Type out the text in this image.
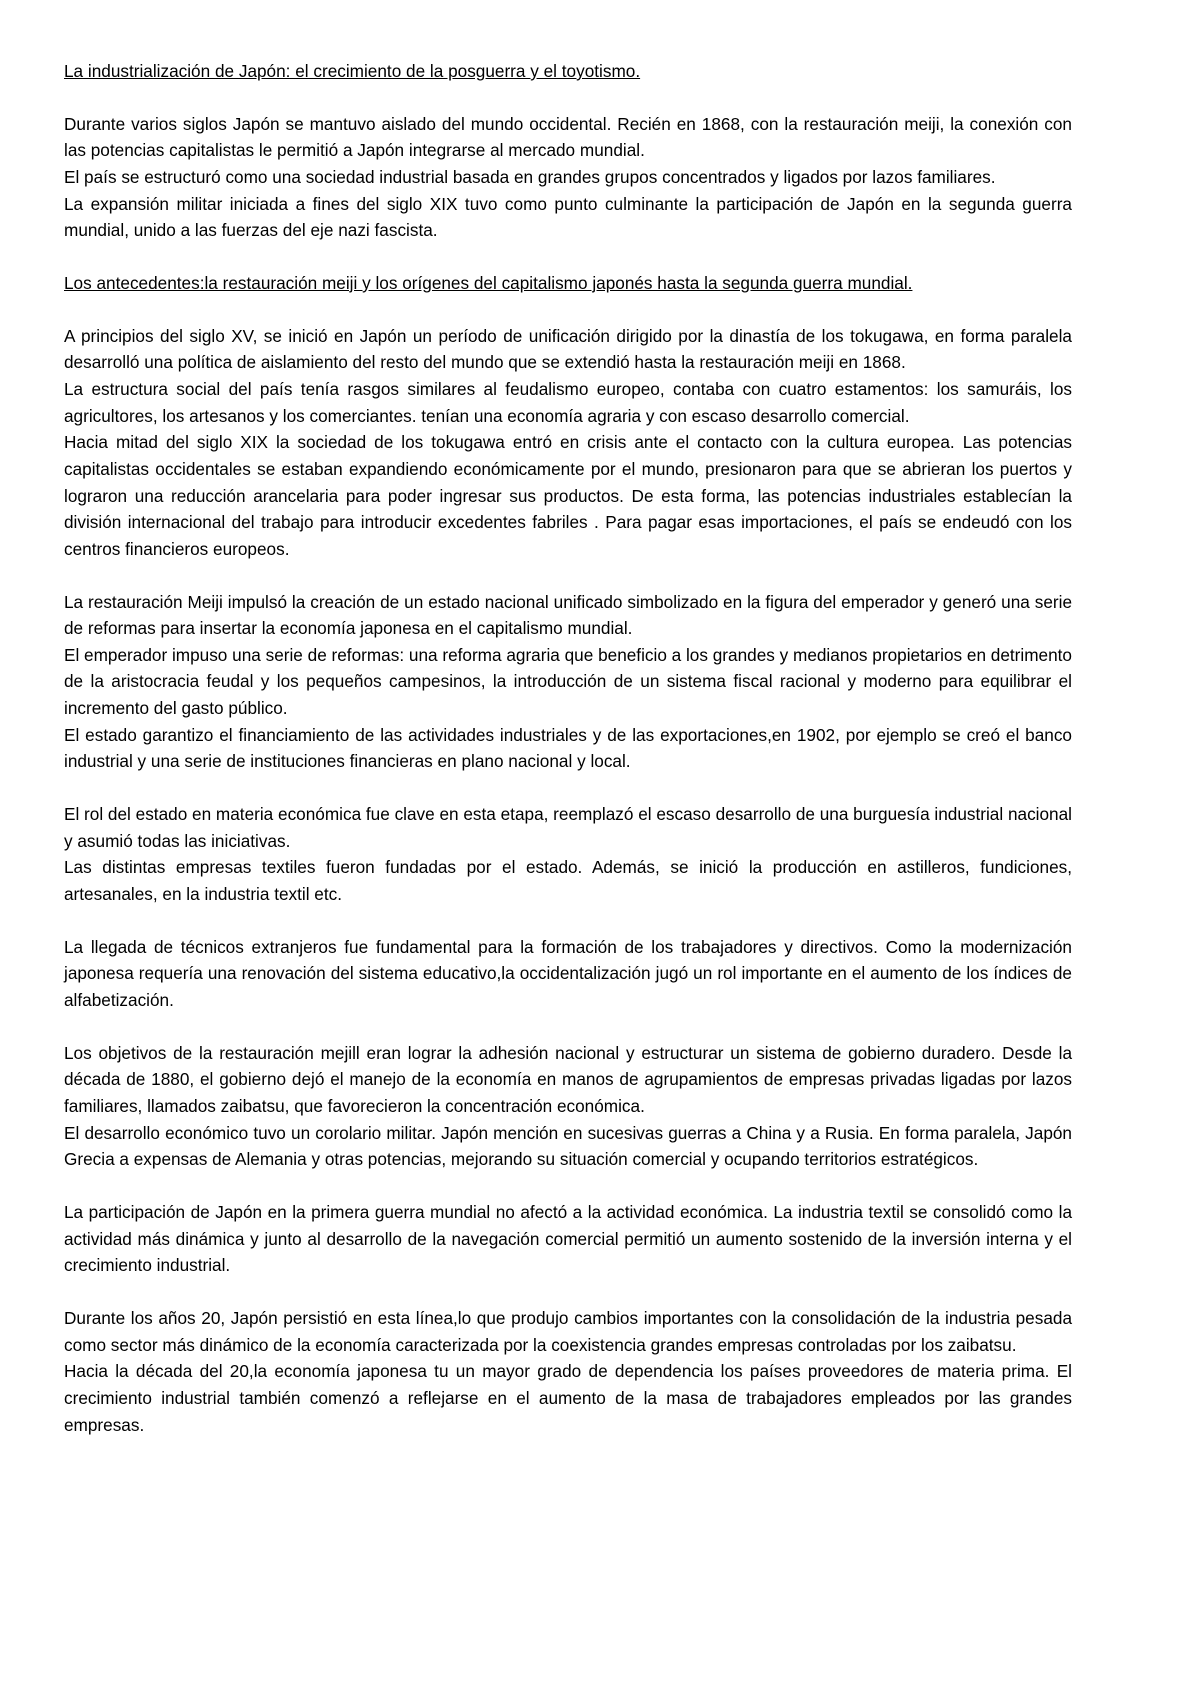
La industrialización de Japón: el crecimiento de la posguerra y el toyotismo.

Durante varios siglos Japón se mantuvo aislado del mundo occidental. Recién en 1868, con la restauración meiji, la conexión con las potencias capitalistas le permitió a Japón integrarse al mercado mundial.

El país se estructuró como una sociedad industrial basada en grandes grupos concentrados y ligados por lazos familiares.

La expansión militar iniciada a fines del siglo XIX tuvo como punto culminante la participación de Japón en la segunda guerra mundial, unido a las fuerzas del eje nazi fascista.

Los antecedentes:la restauración meiji y los orígenes del capitalismo japonés hasta la segunda guerra mundial.

A principios del siglo XV, se inició en Japón un período de unificación dirigido por la dinastía de los tokugawa, en forma paralela desarrolló una política de aislamiento del resto del mundo que se extendió hasta la restauración meiji en 1868.

La estructura social del país tenía rasgos similares al feudalismo europeo, contaba con cuatro estamentos: los samuráis, los agricultores, los artesanos y los comerciantes. tenían una economía agraria y con escaso desarrollo comercial.

Hacia mitad del siglo XIX la sociedad de los tokugawa entró en crisis ante el contacto con la cultura europea. Las potencias capitalistas occidentales se estaban expandiendo económicamente por el mundo, presionaron para que se abrieran los puertos y lograron una reducción arancelaria para poder ingresar sus productos. De esta forma, las potencias industriales establecían la división internacional del trabajo para introducir excedentes fabriles . Para pagar esas importaciones, el país se endeudó con los centros financieros europeos.

La restauración Meiji impulsó la creación de un estado nacional unificado simbolizado en la figura del emperador y generó una serie de reformas para insertar la economía japonesa en el capitalismo mundial.

El emperador impuso una serie de reformas: una reforma agraria que beneficio a los grandes y medianos propietarios en detrimento de la aristocracia feudal y los pequeños campesinos, la introducción de un sistema fiscal racional y moderno para equilibrar el incremento del gasto público.

El estado garantizo el financiamiento de las actividades industriales y de las exportaciones,en 1902, por ejemplo se creó el banco industrial y una serie de instituciones financieras en plano nacional y local.

El rol del estado en materia económica fue clave en esta etapa, reemplazó el escaso desarrollo de una burguesía industrial nacional y asumió todas las iniciativas.

Las distintas empresas textiles fueron fundadas por el estado. Además, se inició la producción en astilleros, fundiciones, artesanales, en la industria textil etc.

La llegada de técnicos extranjeros fue fundamental para la formación de los trabajadores y directivos. Como la modernización japonesa requería una renovación del sistema educativo,la occidentalización jugó un rol importante en el aumento de los índices de alfabetización.

Los objetivos de la restauración mejill eran lograr la adhesión nacional y estructurar un sistema de gobierno duradero. Desde la década de 1880, el gobierno dejó el manejo de la economía en manos de agrupamientos de empresas privadas ligadas por lazos familiares, llamados zaibatsu, que favorecieron la concentración económica.

El desarrollo económico tuvo un corolario militar. Japón mención en sucesivas guerras a China y a Rusia. En forma paralela, Japón Grecia a expensas de Alemania y otras potencias, mejorando su situación comercial y ocupando territorios estratégicos.

La participación de Japón en la primera guerra mundial no afectó a la actividad económica. La industria textil se consolidó como la actividad más dinámica y junto al desarrollo de la navegación comercial permitió un aumento sostenido de la inversión interna y el crecimiento industrial.

Durante los años 20, Japón persistió en esta línea,lo que produjo cambios importantes con la consolidación de la industria pesada como sector más dinámico de la economía caracterizada por la coexistencia grandes empresas controladas por los zaibatsu.

Hacia la década del 20,la economía japonesa tu un mayor grado de dependencia los países proveedores de materia prima. El crecimiento industrial también comenzó a reflejarse en el aumento de la masa de trabajadores empleados por las grandes empresas.
